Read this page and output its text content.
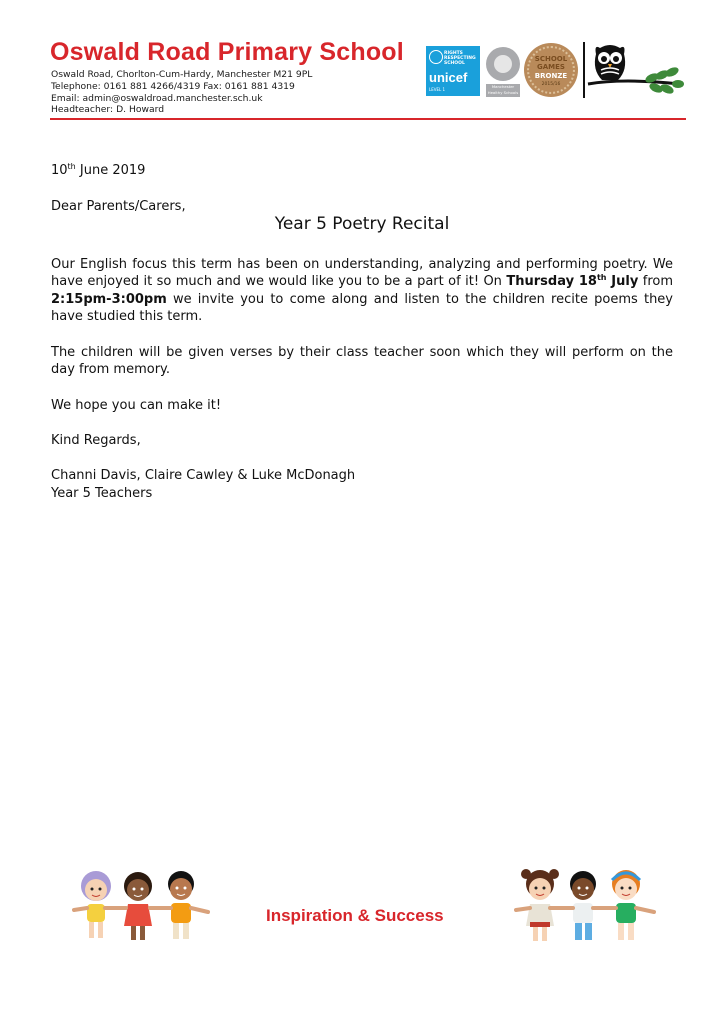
Oswald Road Primary School
Oswald Road, Chorlton-Cum-Hardy, Manchester M21 9PL
Telephone: 0161 881 4266/4319 Fax: 0161 881 4319
Email: admin@oswaldroad.manchester.sch.uk
Headteacher: D. Howard
RIGHTS
RESPECTING
SCHOOL
unicef
LEVEL 1
Manchester
Healthy Schools
SCHOOL
GAMES
BRONZE
2015/16
10th June 2019
Dear Parents/Carers,
Year 5 Poetry Recital
Our English focus this term has been on understanding, analyzing and performing poetry. We have enjoyed it so much and we would like you to be a part of it! On Thursday 18th July from 2:15pm-3:00pm we invite you to come along and listen to the children recite poems they have studied this term.
The children will be given verses by their class teacher soon which they will perform on the day from memory.
We hope you can make it!
Kind Regards,
Channi Davis, Claire Cawley & Luke McDonagh
Year 5 Teachers
Inspiration & Success
